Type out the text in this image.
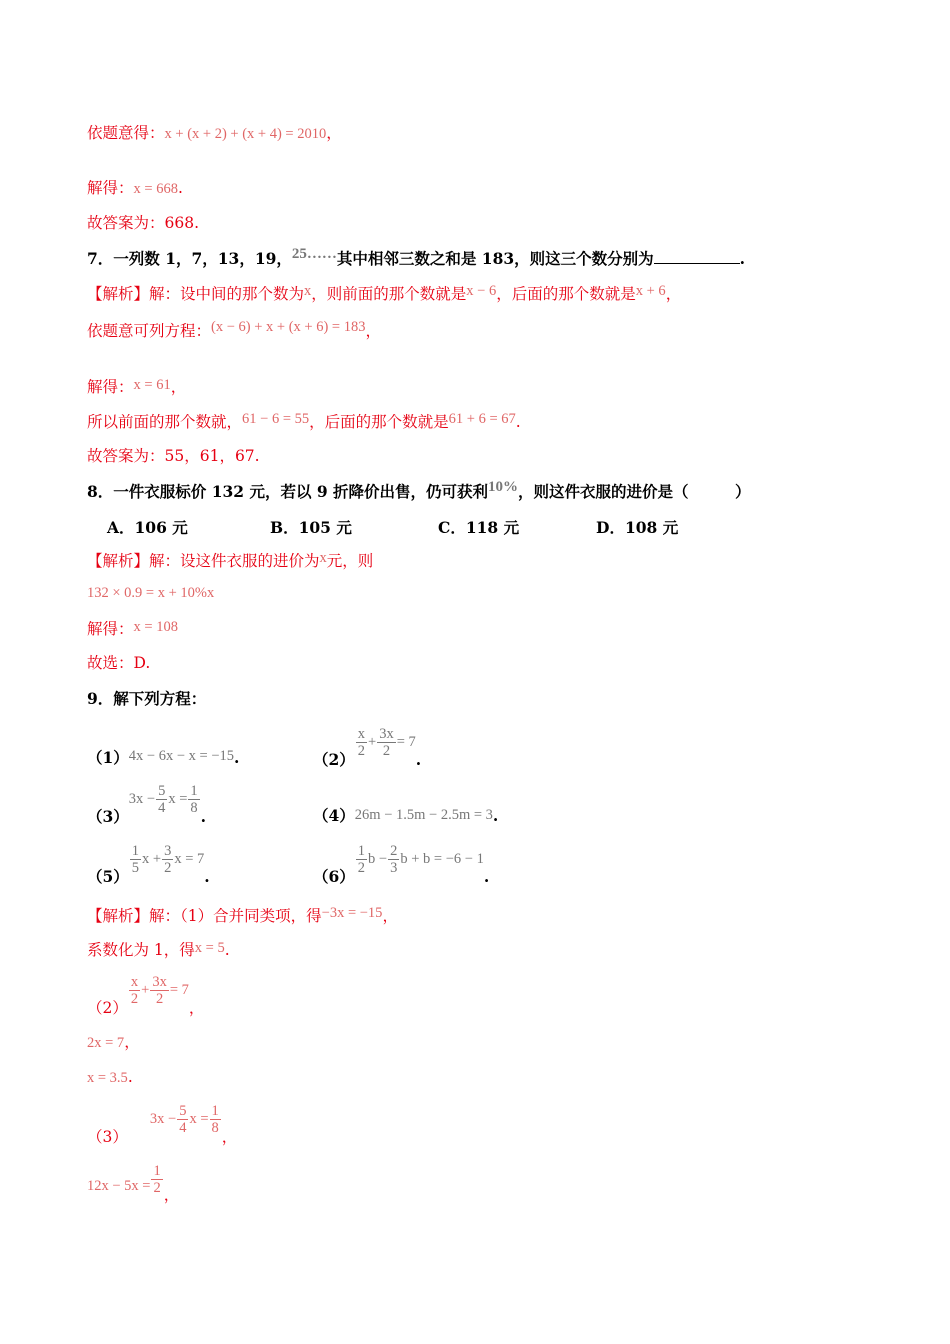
依题意得：x + (x + 2) + (x + 4) = 2010，
解得：x = 668.
故答案为：668.
7．一列数 1，7，13，19，25……其中相邻三数之和是 183，则这三个数分别为	.
【解析】解：设中间的那个数为x，则前面的那个数就是x − 6，后面的那个数就是x + 6，
依题意可列方程：(x − 6) + x + (x + 6) = 183，
解得：x = 61，
所以前面的那个数就，61 − 6 = 55，后面的那个数就是61 + 6 = 67.
故答案为：55，61，67.
8．一件衣服标价 132 元，若以 9 折降价出售，仍可获利10%，则这件衣服的进价是（　　　）
A．106 元	B．105 元	C．118 元	D．108 元
【解析】解：设这件衣服的进价为x元，则
132 × 0.9 = x + 10%x
解得：x = 108
故选：D.
9．解下列方程：
（1）4x − 6x − x = −15.	（2）
$\frac{x}{2} + \frac{3x}{2} = 7$.
$(3)3x - \frac{5}{4}$ $x = \frac{1}{8}$
.	（4）26m − 1.5m − 2.5m = 3.
（5）
$\frac{1}{5}$ $x + \frac{3}{2}$ x = 7.	（6）
$\frac{1}{2}$ $b - \frac{2}{3}$ b + b = −6 − 1.
【解析】解：（1）合并同类项，得−3x = −15，
系数化为 1，得x = 5.
（2）
$\frac{x}{2} + \frac{3x}{2} = 7$，
2x = 7，
x = 3.5.
$(3)3x - \frac{5}{4}$ $x = \frac{1}{8}$
，
$12x - 5x = \frac{1}{2}$ ，
